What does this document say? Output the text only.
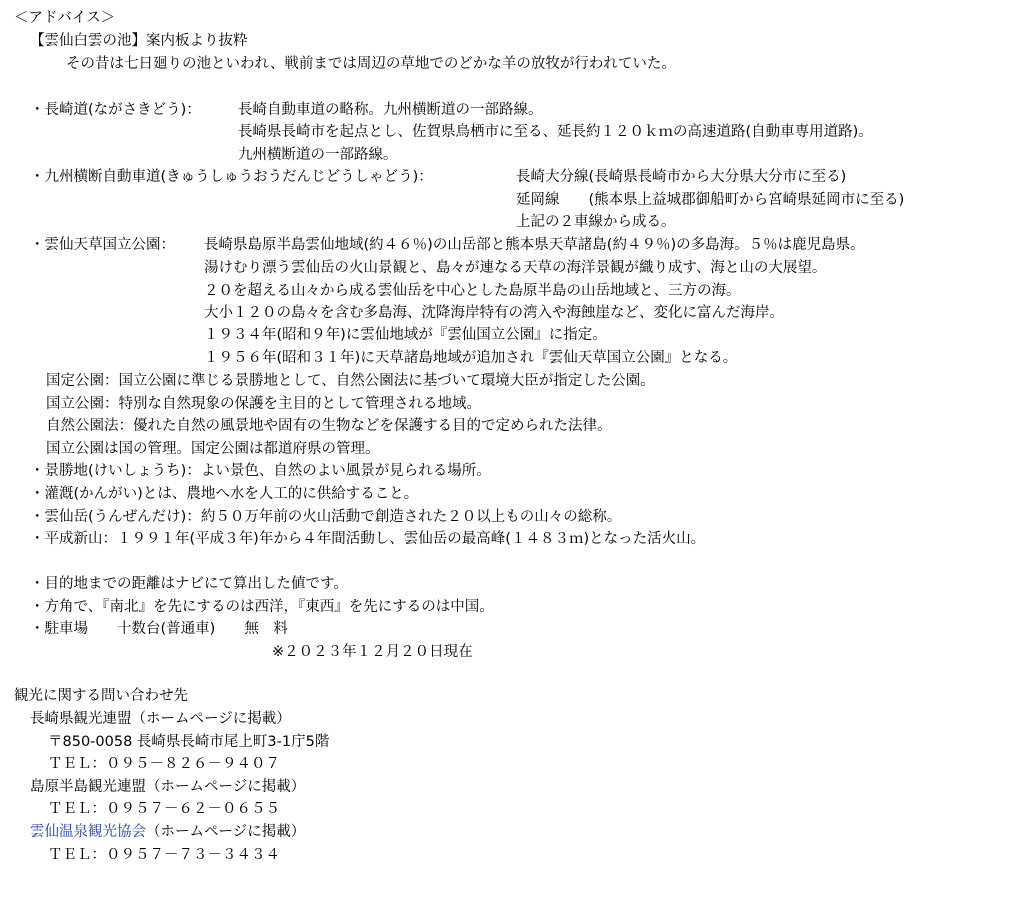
＜アドバイス＞
【雲仙白雲の池】案内板より抜粋
その昔は七日廻りの池といわれ、戦前までは周辺の草地でのどかな羊の放牧が行われていた。
・長崎道(ながさきどう)：	長崎自動車道の略称。九州横断道の一部路線。
長崎県長崎市を起点とし、佐賀県鳥栖市に至る、延長約１２０ｋｍの高速道路(自動車専用道路)。
九州横断道の一部路線。
・九州横断自動車道(きゅうしゅうおうだんじどうしゃどう)：	長崎大分線(長崎県長崎市から大分県大分市に至る)
延岡線　　(熊本県上益城郡御船町から宮崎県延岡市に至る)
上記の２車線から成る。
・雲仙天草国立公園： 長崎県島原半島雲仙地域(約４６％)の山岳部と熊本県天草諸島(約４９％)の多島海。５％は鹿児島県。
湯けむり漂う雲仙岳の火山景観と、島々が連なる天草の海洋景観が織り成す、海と山の大展望。
２０を超える山々から成る雲仙岳を中心とした島原半島の山岳地域と、三方の海。
大小１２０の島々を含む多島海、沈降海岸特有の湾入や海蝕崖など、変化に富んだ海岸。
１９３４年(昭和９年)に雲仙地域が『雲仙国立公園』に指定。
１９５６年(昭和３１年)に天草諸島地域が追加され『雲仙天草国立公園』となる。
国定公園：国立公園に準じる景勝地として、自然公園法に基づいて環境大臣が指定した公園。
国立公園：特別な自然現象の保護を主目的として管理される地域。
自然公園法：優れた自然の風景地や固有の生物などを保護する目的で定められた法律。
国立公園は国の管理。国定公園は都道府県の管理。
・景勝地(けいしょうち)：よい景色、自然のよい風景が見られる場所。
・灌漑(かんがい)とは、農地へ水を人工的に供給すること。
・雲仙岳(うんぜんだけ)：約５０万年前の火山活動で創造された２０以上もの山々の総称。
・平成新山：１９９１年(平成３年)年から４年間活動し、雲仙岳の最高峰(１４８３ｍ)となった活火山。
・目的地までの距離はナビにて算出した値です。
・方角で、『南北』を先にするのは西洋，『東西』を先にするのは中国。
・駐車場　　十数台(普通車)　　無　料
※２０２３年１２月２０日現在
観光に関する問い合わせ先
長崎県観光連盟（ホームページに掲載）
〒850-0058 長崎県長崎市尾上町3-1庁5階
ＴＥＬ：０９５－８２６－９４０７
島原半島観光連盟（ホームページに掲載）
ＴＥＬ：０９５７－６２－０６５５
雲仙温泉観光協会（ホームページに掲載）
ＴＥＬ：０９５７－７３－３４３４
